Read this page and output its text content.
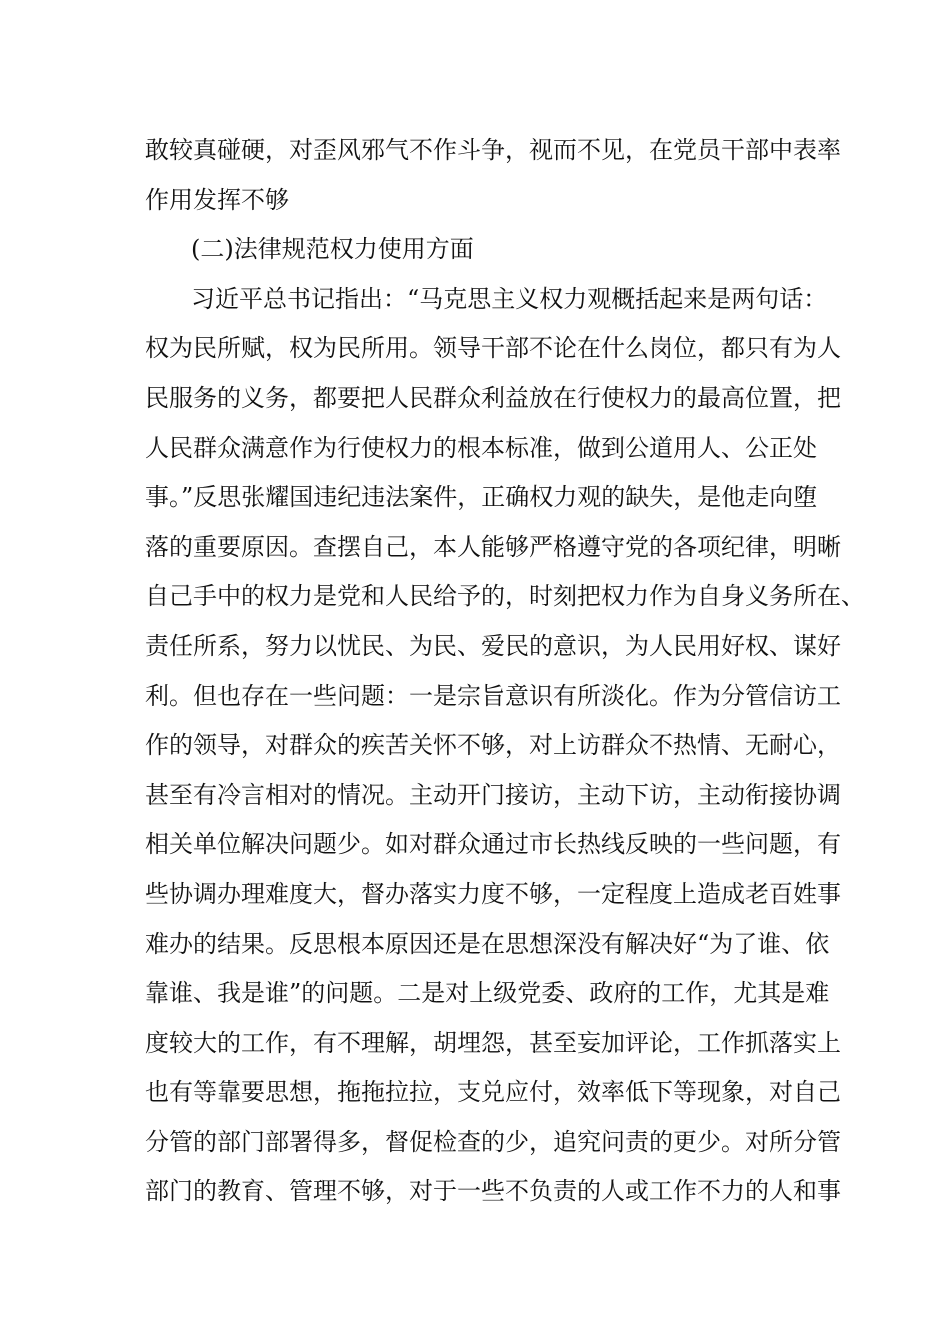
敢较真碰硬，对歪风邪气不作斗争，视而不见，在党员干部中表率
作用发挥不够
(二)法律规范权力使用方面
习近平总书记指出：“马克思主义权力观概括起来是两句话：
权为民所赋，权为民所用。领导干部不论在什么岗位，都只有为人
民服务的义务，都要把人民群众利益放在行使权力的最高位置，把
人民群众满意作为行使权力的根本标准，做到公道用人、公正处
事。”反思张耀国违纪违法案件，正确权力观的缺失，是他走向堕
落的重要原因。查摆自己，本人能够严格遵守党的各项纪律，明晰
自己手中的权力是党和人民给予的，时刻把权力作为自身义务所在、
责任所系，努力以忧民、为民、爱民的意识，为人民用好权、谋好
利。但也存在一些问题：一是宗旨意识有所淡化。作为分管信访工
作的领导，对群众的疾苦关怀不够，对上访群众不热情、无耐心，
甚至有冷言相对的情况。主动开门接访，主动下访，主动衔接协调
相关单位解决问题少。如对群众通过市长热线反映的一些问题，有
些协调办理难度大，督办落实力度不够，一定程度上造成老百姓事
难办的结果。反思根本原因还是在思想深没有解决好“为了谁、依
靠谁、我是谁”的问题。二是对上级党委、政府的工作，尤其是难
度较大的工作，有不理解，胡埋怨，甚至妄加评论，工作抓落实上
也有等靠要思想，拖拖拉拉，支兑应付，效率低下等现象，对自己
分管的部门部署得多，督促检查的少，追究问责的更少。对所分管
部门的教育、管理不够，对于一些不负责的人或工作不力的人和事
